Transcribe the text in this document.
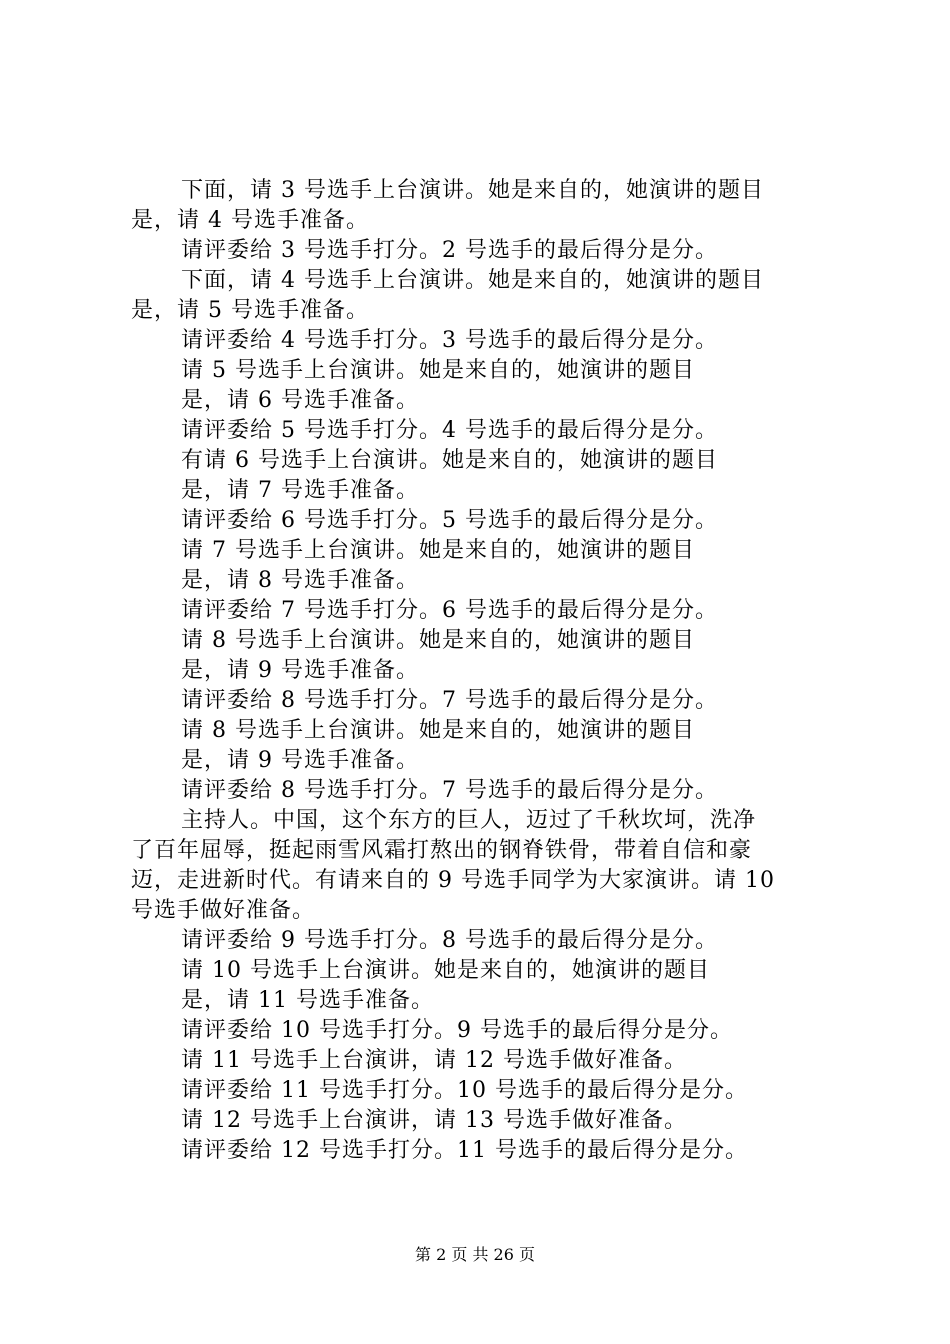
下面，请 3 号选手上台演讲。她是来自的，她演讲的题目
是，请 4 号选手准备。
请评委给 3 号选手打分。2 号选手的最后得分是分。
下面，请 4 号选手上台演讲。她是来自的，她演讲的题目
是，请 5 号选手准备。
请评委给 4 号选手打分。3 号选手的最后得分是分。
请 5 号选手上台演讲。她是来自的，她演讲的题目
是，请 6 号选手准备。
请评委给 5 号选手打分。4 号选手的最后得分是分。
有请 6 号选手上台演讲。她是来自的，她演讲的题目
是，请 7 号选手准备。
请评委给 6 号选手打分。5 号选手的最后得分是分。
请 7 号选手上台演讲。她是来自的，她演讲的题目
是，请 8 号选手准备。
请评委给 7 号选手打分。6 号选手的最后得分是分。
请 8 号选手上台演讲。她是来自的，她演讲的题目
是，请 9 号选手准备。
请评委给 8 号选手打分。7 号选手的最后得分是分。
请 8 号选手上台演讲。她是来自的，她演讲的题目
是，请 9 号选手准备。
请评委给 8 号选手打分。7 号选手的最后得分是分。
主持人。中国，这个东方的巨人，迈过了千秋坎坷，洗净
了百年屈辱，挺起雨雪风霜打熬出的钢脊铁骨，带着自信和豪
迈，走进新时代。有请来自的 9 号选手同学为大家演讲。请 10
号选手做好准备。
请评委给 9 号选手打分。8 号选手的最后得分是分。
请 10 号选手上台演讲。她是来自的，她演讲的题目
是，请 11 号选手准备。
请评委给 10 号选手打分。9 号选手的最后得分是分。
请 11 号选手上台演讲，请 12 号选手做好准备。
请评委给 11 号选手打分。10 号选手的最后得分是分。
请 12 号选手上台演讲，请 13 号选手做好准备。
请评委给 12 号选手打分。11 号选手的最后得分是分。
第 2 页 共 26 页
